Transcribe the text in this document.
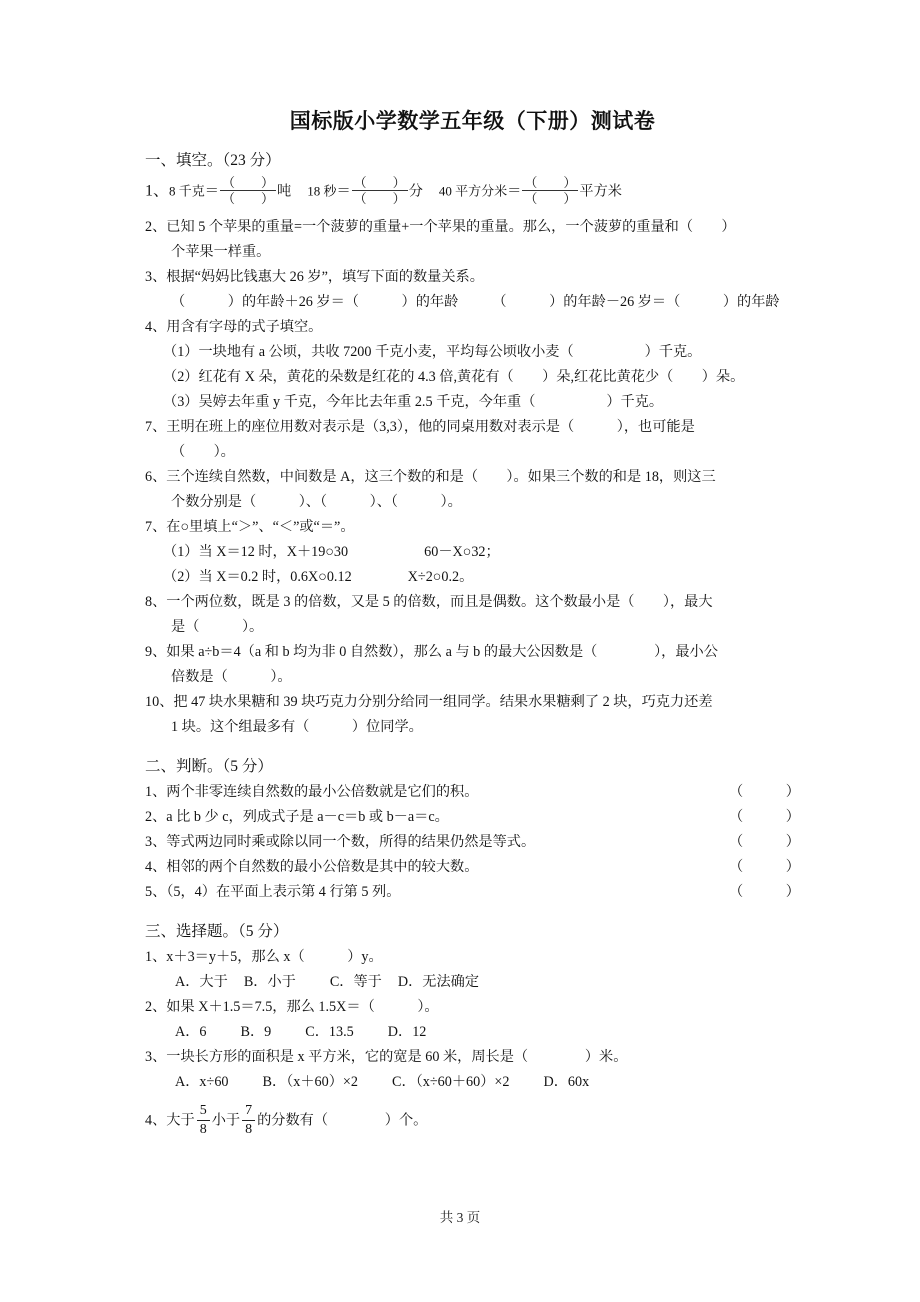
国标版小学数学五年级（下册）测试卷
一、填空。（23 分）
1、8 千克＝ $\frac{( )}{( )}$ 吨 18 秒＝ $\frac{( )}{( )}$ 分 40 平方分米＝ $\frac{( )}{( )}$ 平方米
2、已知 5 个苹果的重量=一个菠萝的重量+一个苹果的重量。那么，一个菠萝的重量和（　　）
个苹果一样重。
3、根据“妈妈比钱惠大 26 岁”，填写下面的数量关系。
（　　　）的年龄＋26 岁＝（　　　）的年龄 （　　　）的年龄－26 岁＝（　　　）的年龄
4、用含有字母的式子填空。
（1）一块地有 a 公顷，共收 7200 千克小麦，平均每公顷收小麦（　　　　　）千克。
（2）红花有 X 朵，黄花的朵数是红花的 4.3 倍,黄花有（　　）朵,红花比黄花少（　　）朵。
（3）吴婷去年重 y 千克，今年比去年重 2.5 千克，今年重（　　　　　）千克。
7、王明在班上的座位用数对表示是（3,3），他的同桌用数对表示是（　　　），也可能是
（　　）。
6、三个连续自然数，中间数是 A，这三个数的和是（　　）。如果三个数的和是 18，则这三
个数分别是（　　　）、（　　　）、（　　　）。
7、在○里填上“＞”、“＜”或“＝”。
（1）当 X＝12 时，X＋19○30	60－X○32；
（2）当 X＝0.2 时，0.6X○0.12	X÷2○0.2。
8、一个两位数，既是 3 的倍数，又是 5 的倍数，而且是偶数。这个数最小是（　　），最大
是（　　　）。
9、如果 a÷b＝4（a 和 b 均为非 0 自然数），那么 a 与 b 的最大公因数是（　　　　），最小公
倍数是（　　　）。
10、把 47 块水果糖和 39 块巧克力分别分给同一组同学。结果水果糖剩了 2 块，巧克力还差
1 块。这个组最多有（　　　）位同学。
二、判断。（5 分）
1、两个非零连续自然数的最小公倍数就是它们的积。 ·····	（　　　）
2、a 比 b 少 c，列成式子是 a－c＝b 或 b－a＝c。 ·····	（　　　）
3、等式两边同时乘或除以同一个数，所得的结果仍然是等式。 ·····	（　　　）
4、相邻的两个自然数的最小公倍数是其中的较大数。　 ·····	（　　　）
5、（5，4）在平面上表示第 4 行第 5 列。 ·····	（　　　）
三、选择题。（5 分）
1、x＋3＝y＋5，那么 x（　　　）y。
A．大于 B．小于 C．等于 D．无法确定
2、如果 X＋1.5＝7.5，那么 1.5X＝（　　　）。
A．6 B．9 C．13.5 D．12
3、一块长方形的面积是 x 平方米，它的宽是 60 米，周长是（　　　　）米。
A．x÷60 B．（x＋60）×2 C．（x÷60＋60）×2 D．60x
4、大于 $\frac{5}{8}$ 小于 $\frac{7}{8}$ 的分数有（　　　　）个。
共 3 页
